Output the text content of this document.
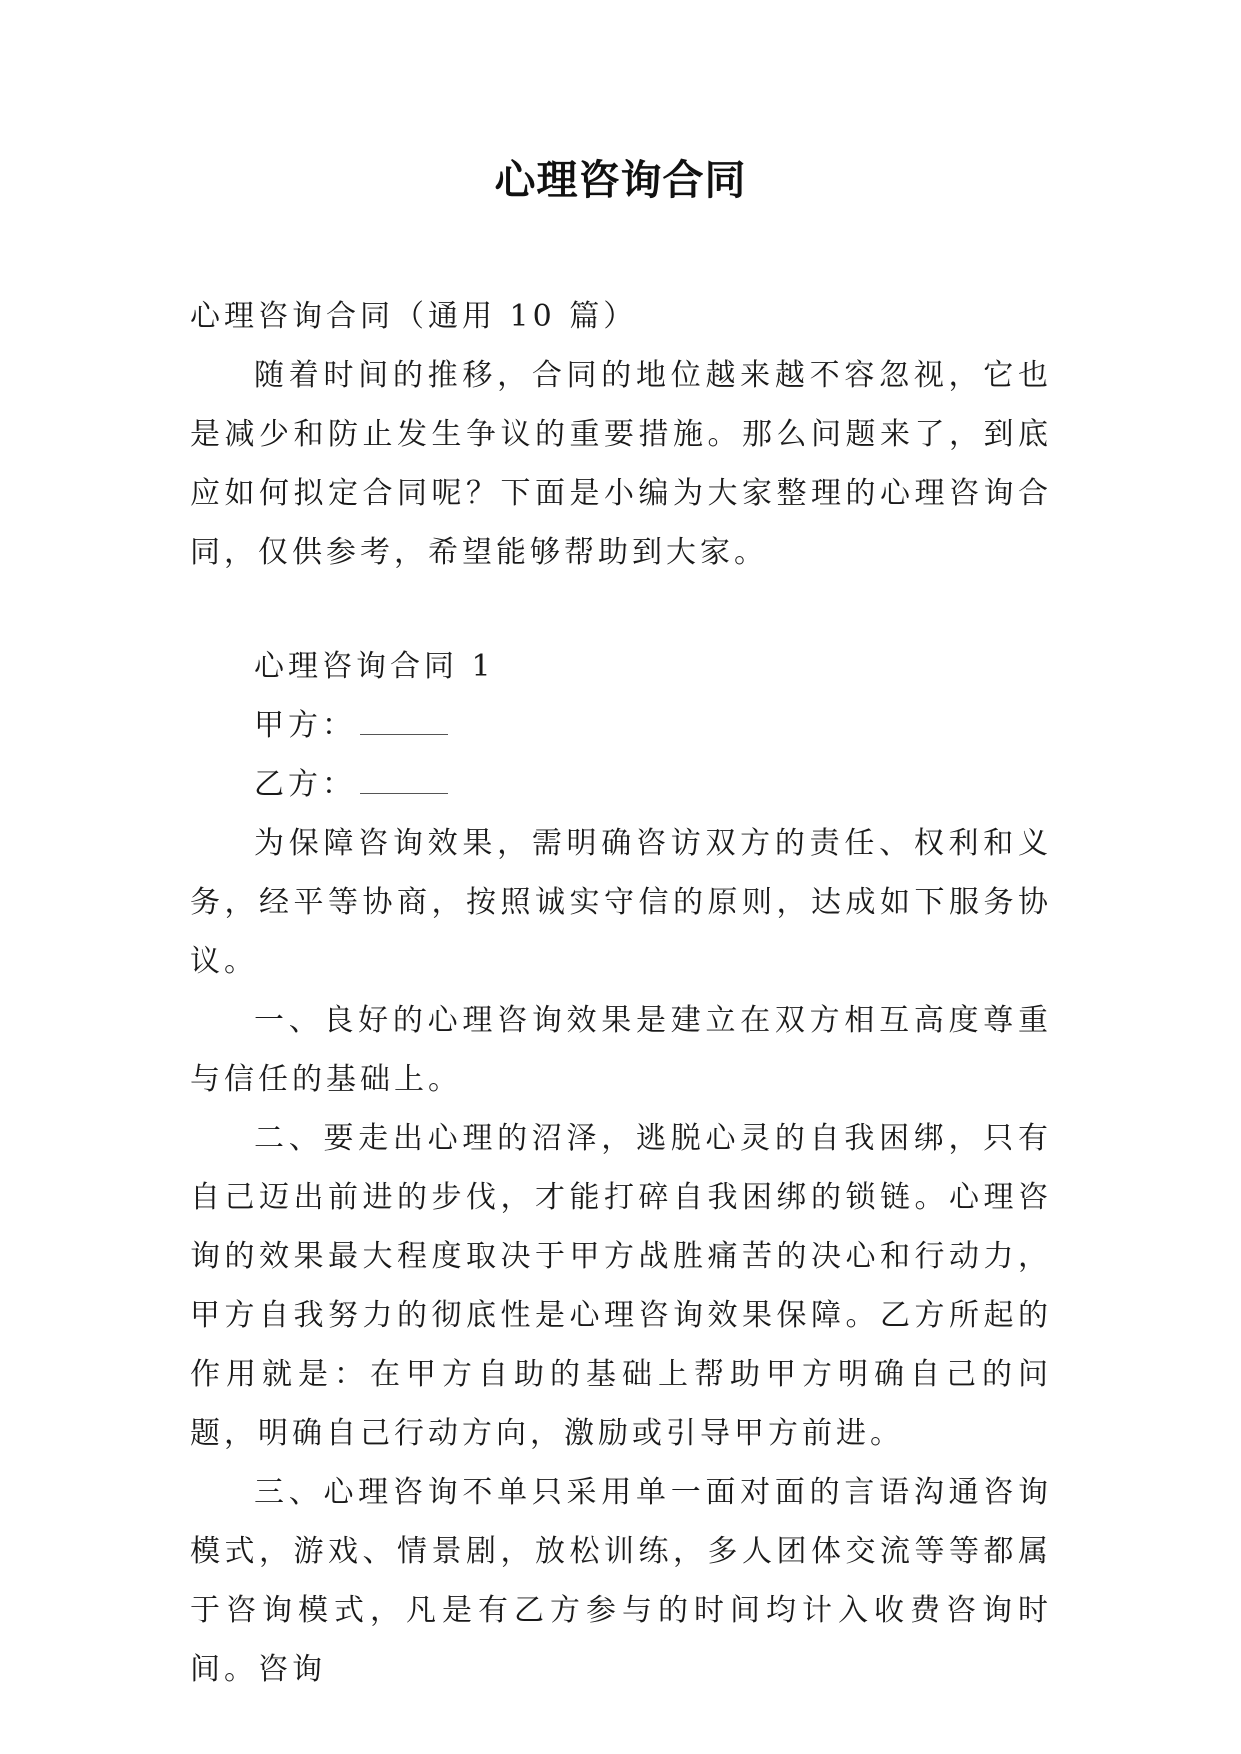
心理咨询合同
心理咨询合同（通用 10 篇）

随着时间的推移，合同的地位越来越不容忽视，它也是减少和防止发生争议的重要措施。那么问题来了，到底应如何拟定合同呢？下面是小编为大家整理的心理咨询合同，仅供参考，希望能够帮助到大家。

心理咨询合同 1

甲方：

乙方：

为保障咨询效果，需明确咨访双方的责任、权利和义务，经平等协商，按照诚实守信的原则，达成如下服务协议。

一、良好的心理咨询效果是建立在双方相互高度尊重与信任的基础上。

二、要走出心理的沼泽，逃脱心灵的自我困绑，只有自己迈出前进的步伐，才能打碎自我困绑的锁链。心理咨询的效果最大程度取决于甲方战胜痛苦的决心和行动力，甲方自我努力的彻底性是心理咨询效果保障。乙方所起的作用就是：在甲方自助的基础上帮助甲方明确自己的问题，明确自己行动方向，激励或引导甲方前进。

三、心理咨询不单只采用单一面对面的言语沟通咨询模式，游戏、情景剧，放松训练，多人团体交流等等都属于咨询模式，凡是有乙方参与的时间均计入收费咨询时间。咨询
